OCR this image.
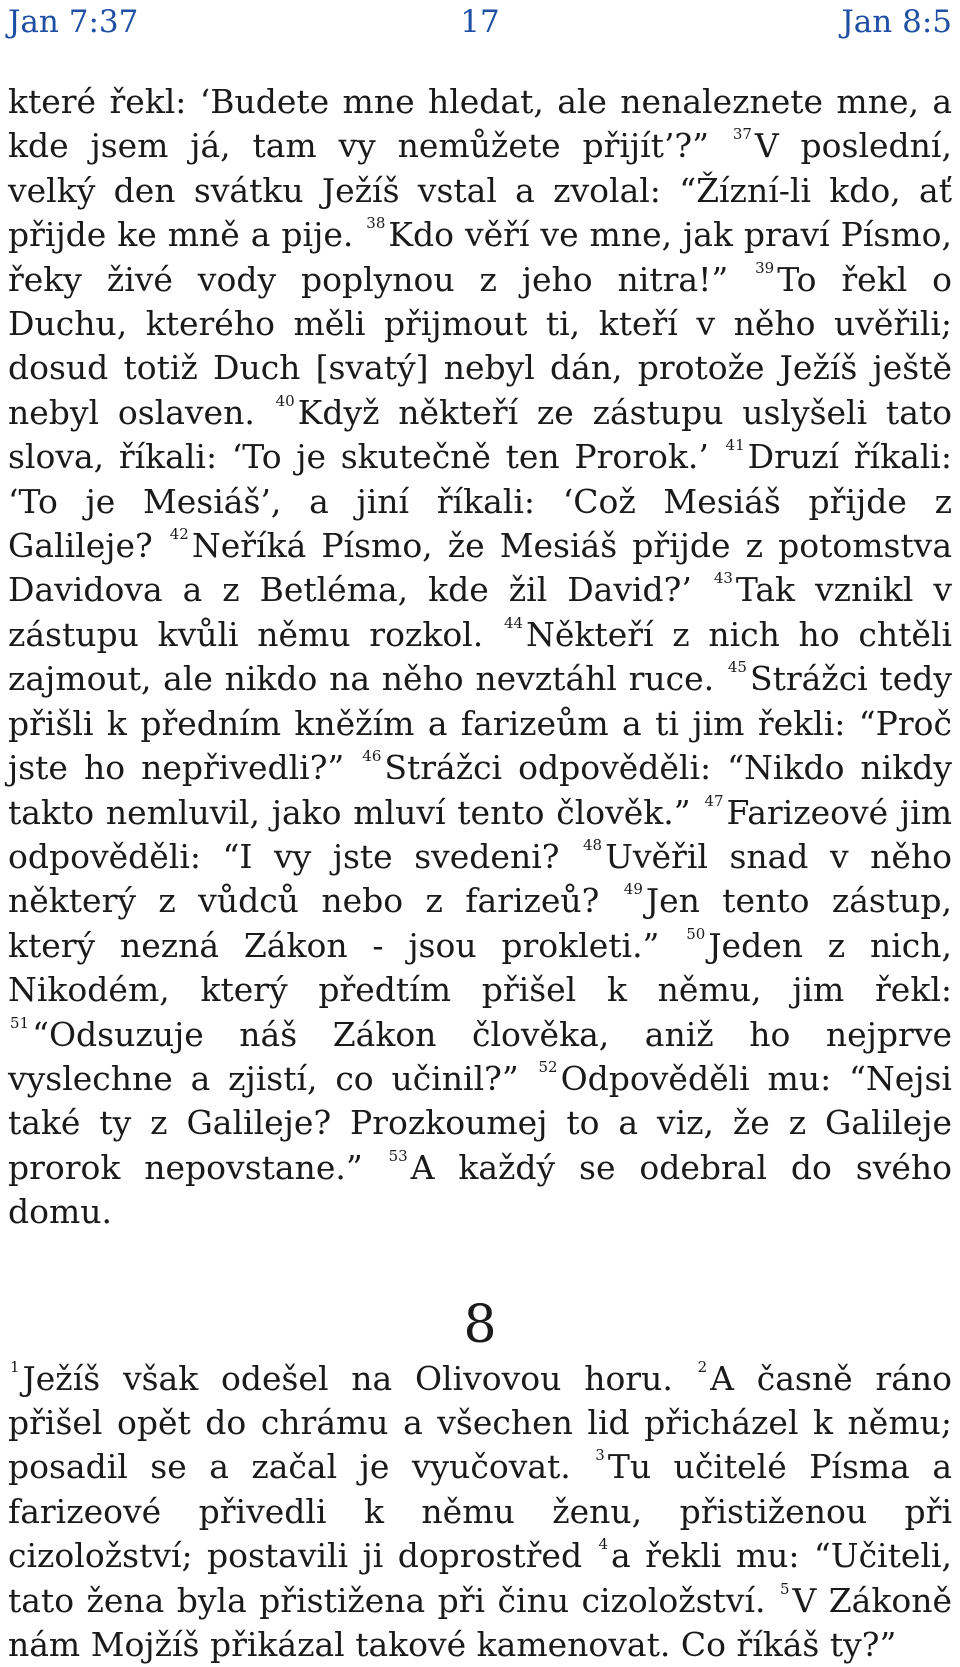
Jan 7:37	17	Jan 8:5

které řekl: ‘Budete mne hledat, ale nenaleznete mne, a kde jsem já, tam vy nemůžete přijít’?” $^{37}$V poslední, velký den svátku Ježíš vstal a zvolal: “Žízní-li kdo, ať přijde ke mně a pije. $^{38}$Kdo věří ve mne, jak praví Písmo, řeky živé vody poplynou z jeho nitra!” $^{39}$To řekl o Duchu, kterého měli přijmout ti, kteří v něho uvěřili; dosud totiž Duch [svatý] nebyl dán, protože Ježíš ještě nebyl oslaven. $^{40}$Když někteří ze zástupu uslyšeli tato slova, říkali: ‘To je skutečně ten Prorok.’ $^{41}$Druzí říkali: ‘To je Mesiáš’, a jiní říkali: ‘Což Mesiáš přijde z Galileje? $^{42}$Neříká Písmo, že Mesiáš přijde z potomstva Davidova a z Betléma, kde žil David?’ $^{43}$Tak vznikl v zástupu kvůli němu rozkol. $^{44}$Někteří z nich ho chtěli zajmout, ale nikdo na něho nevztáhl ruce. $^{45}$Strážci tedy přišli k předním kněžím a farizeům a ti jim řekli: “Proč jste ho nepřivedli?” $^{46}$Strážci odpověděli: “Nikdo nikdy takto nemluvil, jako mluví tento člověk.” $^{47}$Farizeové jim odpověděli: “I vy jste svedeni? $^{48}$Uvěřil snad v něho některý z vůdců nebo z farizeů? $^{49}$Jen tento zástup, který nezná Zákon - jsou prokleti.” $^{50}$Jeden z nich, Nikodém, který předtím přišel k němu, jim řekl: $^{51}$“Odsuzuje náš Zákon člověka, aniž ho nejprve vyslechne a zjistí, co učinil?” $^{52}$Odpověděli mu: “Nejsi také ty z Galileje? Prozkoumej to a viz, že z Galileje prorok nepovstane.” $^{53}$A každý se odebral do svého domu.

8

$^1$Ježíš však odešel na Olivovou horu. $^2$A časně ráno přišel opět do chrámu a všechen lid přicházel k němu; posadil se a začal je vyučovat. $^3$Tu učitelé Písma a farizeové přivedli k němu ženu, přistiženou při cizoložství; postavili ji doprostřed $^4$a řekli mu: “Učiteli, tato žena byla přistižena při činu cizoložství. $^5$V Zákoně nám Mojžíš přikázal takové kamenovat. Co říkáš ty?”
